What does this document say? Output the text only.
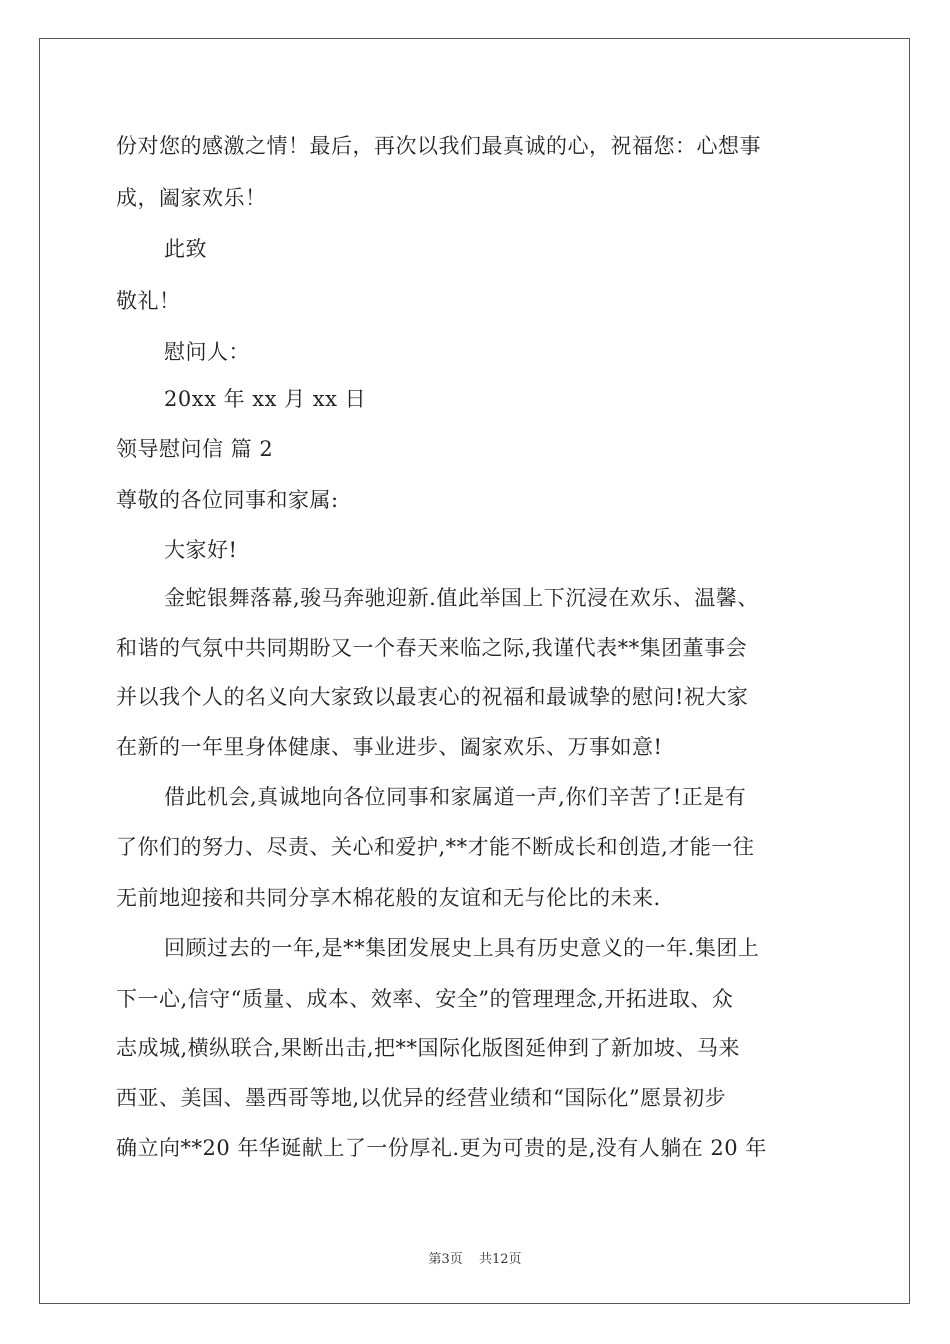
份对您的感激之情！最后，再次以我们最真诚的心，祝福您：心想事
成，阖家欢乐！
此致
敬礼！
慰问人：
20xx 年 xx 月 xx 日
领导慰问信 篇 2
尊敬的各位同事和家属:
大家好!
金蛇银舞落幕,骏马奔驰迎新.值此举国上下沉浸在欢乐、温馨、
和谐的气氛中共同期盼又一个春天来临之际,我谨代表**集团董事会
并以我个人的名义向大家致以最衷心的祝福和最诚挚的慰问!祝大家
在新的一年里身体健康、事业进步、阖家欢乐、万事如意!
借此机会,真诚地向各位同事和家属道一声,你们辛苦了!正是有
了你们的努力、尽责、关心和爱护,**才能不断成长和创造,才能一往
无前地迎接和共同分享木棉花般的友谊和无与伦比的未来.
回顾过去的一年,是**集团发展史上具有历史意义的一年.集团上
下一心,信守“质量、成本、效率、安全”的管理理念,开拓进取、众
志成城,横纵联合,果断出击,把**国际化版图延伸到了新加坡、马来
西亚、美国、墨西哥等地,以优异的经营业绩和“国际化”愿景初步
确立向**20 年华诞献上了一份厚礼.更为可贵的是,没有人躺在 20 年
第3页 共12页
